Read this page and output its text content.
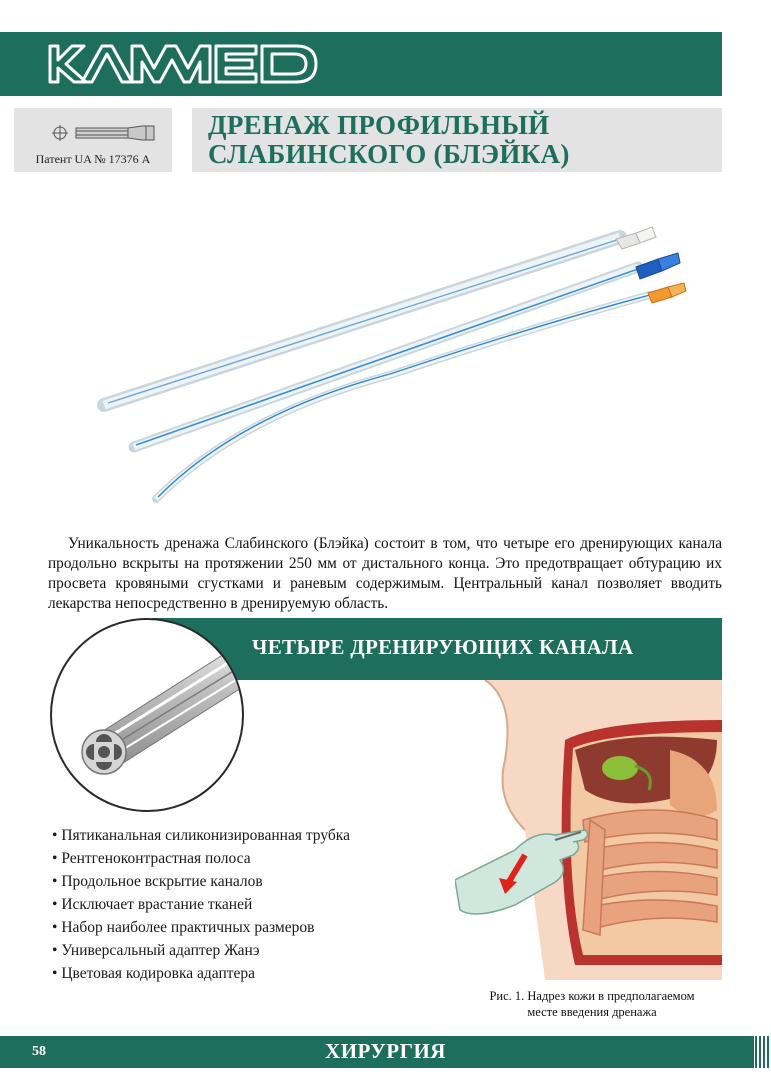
Патент UA № 17376 А
ДРЕНАЖ ПРОФИЛЬНЫЙ
СЛАБИНСКОГО (БЛЭЙКА)
Уникальность дренажа Слабинского (Блэйка) состоит в том, что четыре его дренирующих канала продольно вскрыты на протяжении 250 мм от дистального конца. Это предотвращает обтурацию их просвета кровяными сгустками и раневым содержимым. Центральный канал позволяет вводить лекарства непосредственно в дренируемую область.
ЧЕТЫРЕ ДРЕНИРУЮЩИХ КАНАЛА
• Пятиканальная силиконизированная трубка
• Рентгеноконтрастная полоса
• Продольное вскрытие каналов
• Исключает врастание тканей
• Набор наиболее практичных размеров
• Универсальный адаптер Жанэ
• Цветовая кодировка адаптера
Рис. 1. Надрез кожи в предполагаемом
месте введения дренажа
58	ХИРУРГИЯ
